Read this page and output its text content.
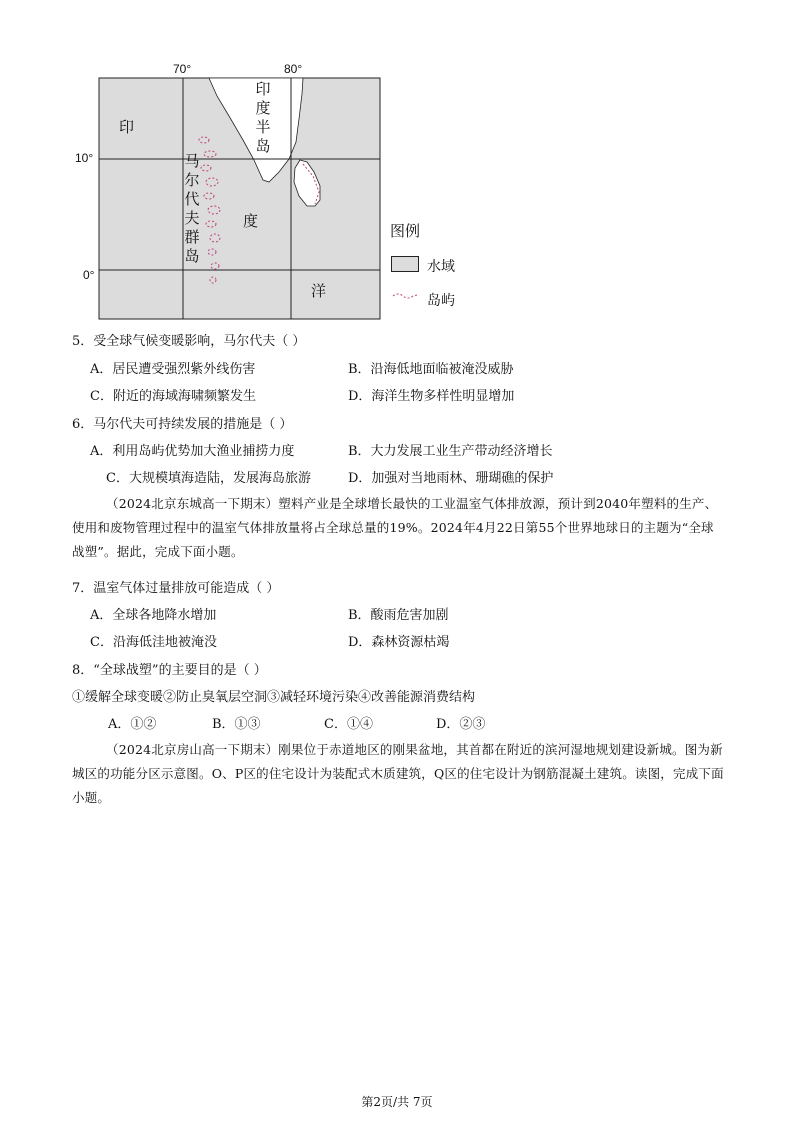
70°	80°
10°
0°
印
度
洋
印度半岛
马尔代夫群岛
图例
水域
岛屿
5．受全球气候变暖影响，马尔代夫（ ）
A．居民遭受强烈紫外线伤害	B．沿海低地面临被淹没威胁
C．附近的海域海啸频繁发生	D．海洋生物多样性明显增加
6．马尔代夫可持续发展的措施是（ ）
A．利用岛屿优势加大渔业捕捞力度	B．大力发展工业生产带动经济增长
C．大规模填海造陆，发展海岛旅游	D．加强对当地雨林、珊瑚礁的保护
（2024北京东城高一下期末）塑料产业是全球增长最快的工业温室气体排放源，预计到2040年塑料的生产、使用和废物管理过程中的温室气体排放量将占全球总量的19%。2024年4月22日第55个世界地球日的主题为“全球战塑”。据此，完成下面小题。
7．温室气体过量排放可能造成（ ）
A．全球各地降水增加	B．酸雨危害加剧
C．沿海低洼地被淹没	D．森林资源枯竭
8．“全球战塑”的主要目的是（ ）
①缓解全球变暖②防止臭氧层空洞③减轻环境污染④改善能源消费结构
A．①②	B．①③	C．①④	D．②③
（2024北京房山高一下期末）刚果位于赤道地区的刚果盆地，其首都在附近的滨河湿地规划建设新城。图为新城区的功能分区示意图。O、P区的住宅设计为装配式木质建筑，Q区的住宅设计为钢筋混凝土建筑。读图，完成下面小题。
第2页/共 7页
